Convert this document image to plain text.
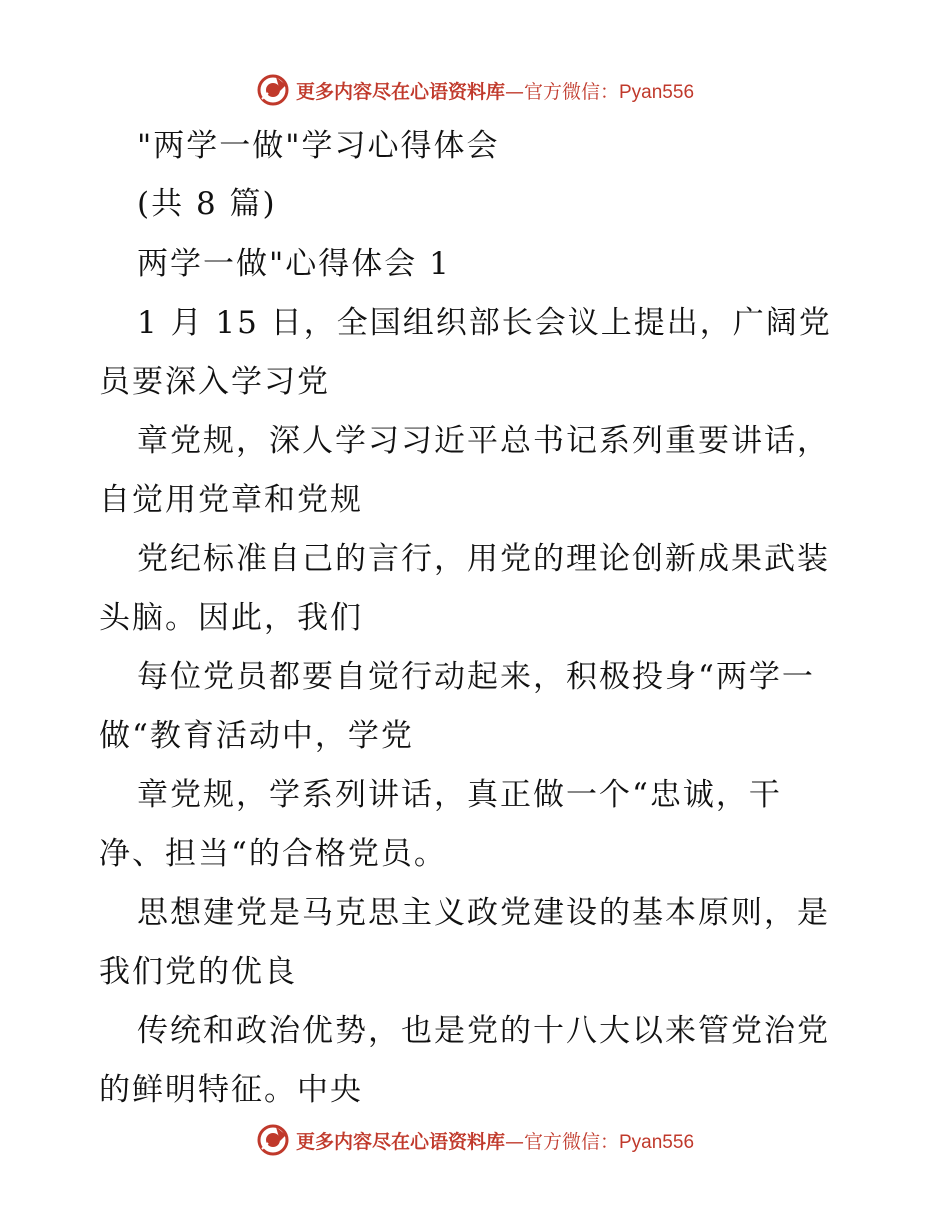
更多内容尽在心语资料库—官方微信：Pyan556
"两学一做"学习心得体会
(共 8 篇)
两学一做"心得体会 1
1 月 15 日，全国组织部长会议上提出，广阔党
员要深入学习党
章党规，深人学习习近平总书记系列重要讲话，
自觉用党章和党规
党纪标准自己的言行，用党的理论创新成果武装
头脑。因此，我们
每位党员都要自觉行动起来，积极投身“两学一
做“教育活动中，学党
章党规，学系列讲话，真正做一个“忠诚，干
净、担当“的合格党员。
思想建党是马克思主义政党建设的基本原则，是
我们党的优良
传统和政治优势，也是党的十八大以来管党治党
的鲜明特征。中央
更多内容尽在心语资料库—官方微信：Pyan556
